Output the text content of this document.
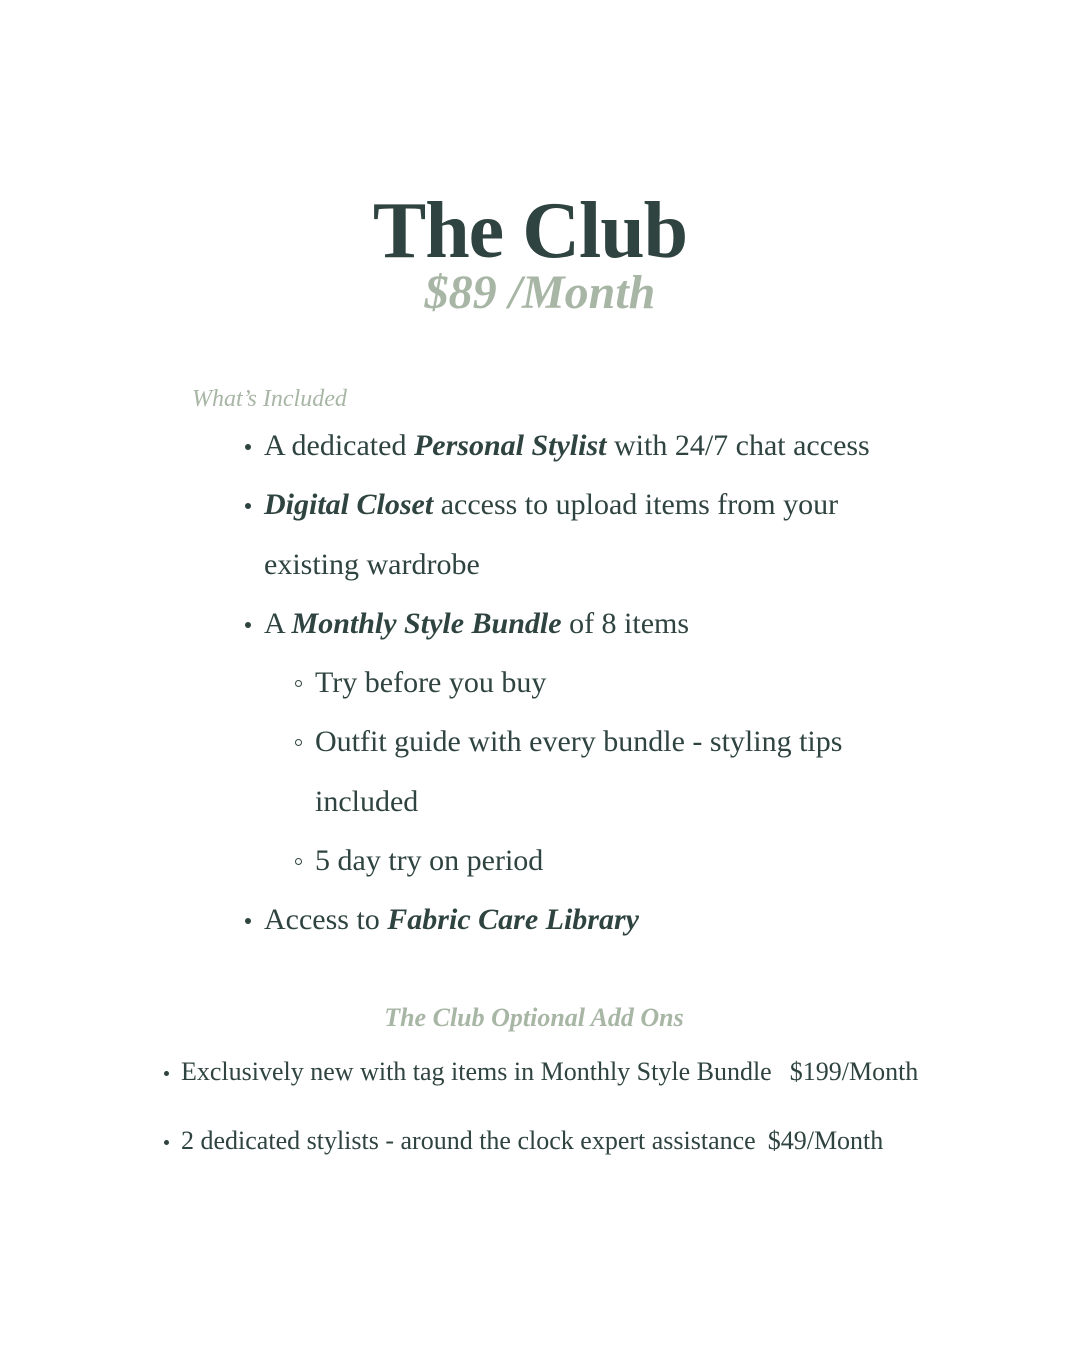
The Club
$89 /Month
What’s Included
A dedicated Personal Stylist with 24/7 chat access
Digital Closet access to upload items from your
existing wardrobe
A Monthly Style Bundle of 8 items
Try before you buy
Outfit guide with every bundle - styling tips
included
5 day try on period
Access to Fabric Care Library
The Club Optional Add Ons
Exclusively new with tag items in Monthly Style Bundle $199/Month
2 dedicated stylists - around the clock expert assistance $49/Month
